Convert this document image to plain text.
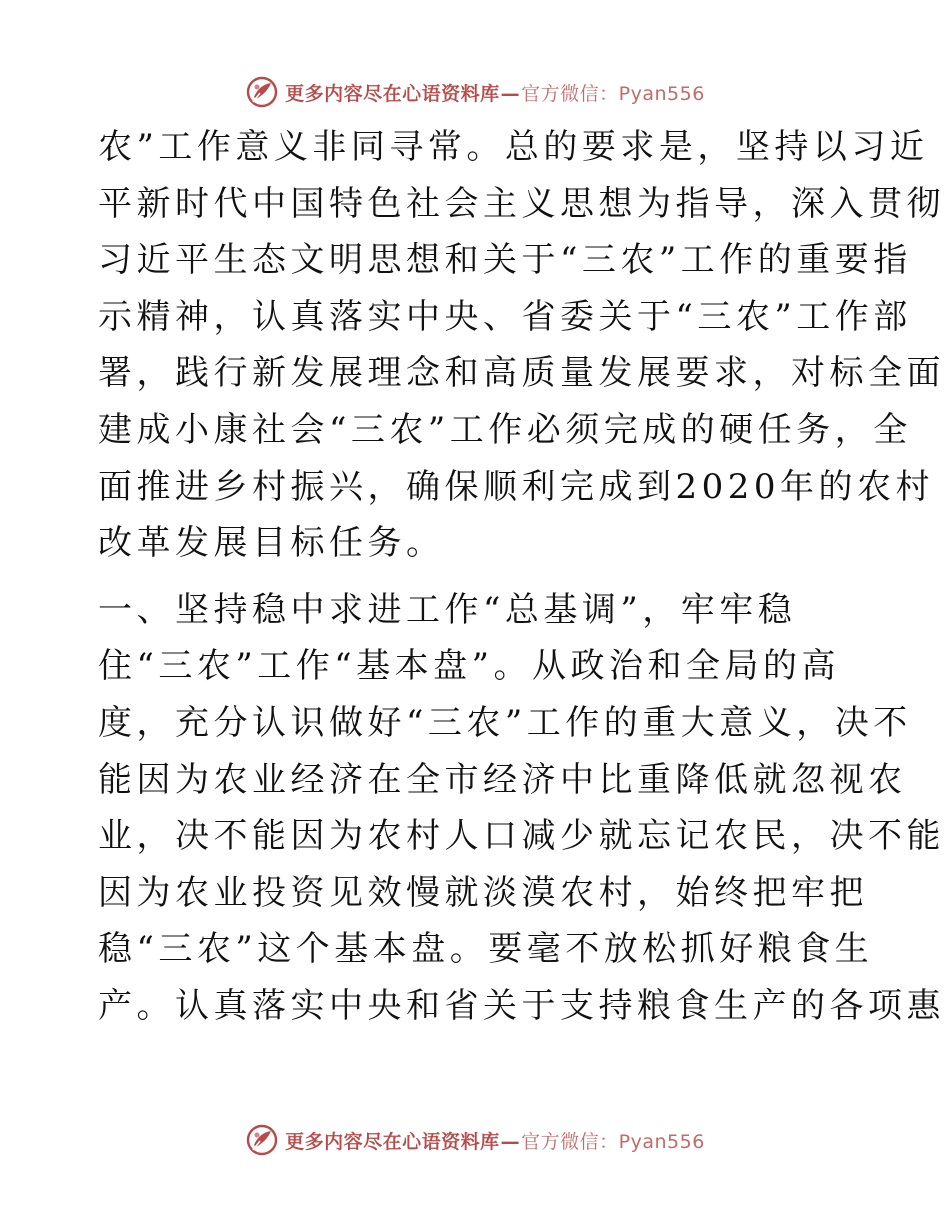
更多内容尽在心语资料库 — 官方微信：Pyan556
农”工作意义非同寻常。总的要求是，坚持以习近
平新时代中国特色社会主义思想为指导，深入贯彻
习近平生态文明思想和关于“三农”工作的重要指
示精神，认真落实中央、省委关于“三农”工作部
署，践行新发展理念和高质量发展要求，对标全面
建成小康社会“三农”工作必须完成的硬任务，全
面推进乡村振兴，确保顺利完成到2020年的农村
改革发展目标任务。
一、坚持稳中求进工作“总基调”，牢牢稳
住“三农”工作“基本盘”。从政治和全局的高
度，充分认识做好“三农”工作的重大意义，决不
能因为农业经济在全市经济中比重降低就忽视农
业，决不能因为农村人口减少就忘记农民，决不能
因为农业投资见效慢就淡漠农村，始终把牢把
稳“三农”这个基本盘。要毫不放松抓好粮食生
产。认真落实中央和省关于支持粮食生产的各项惠
更多内容尽在心语资料库 — 官方微信：Pyan556
